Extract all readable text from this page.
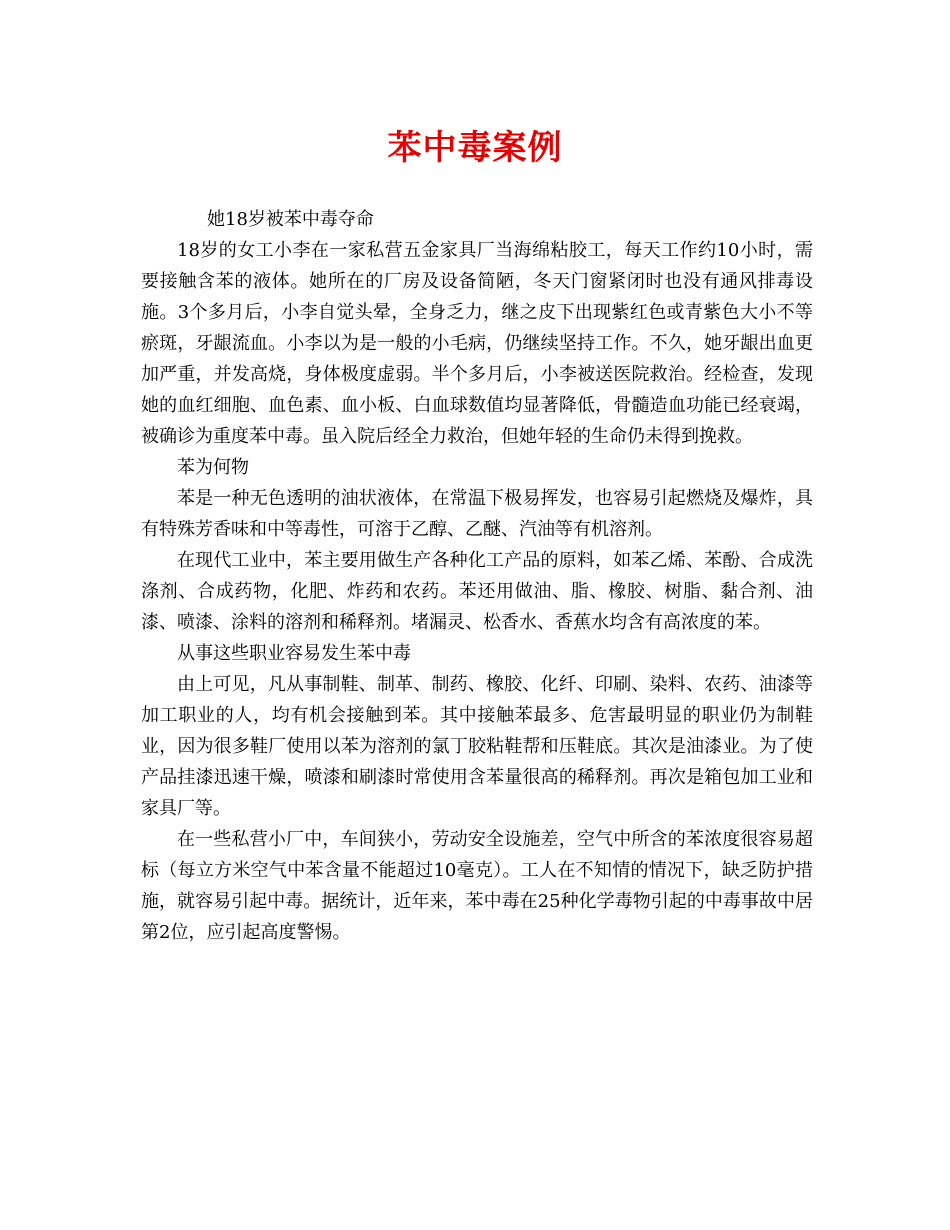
苯中毒案例

她18岁被苯中毒夺命

18岁的女工小李在一家私营五金家具厂当海绵粘胶工，每天工作约10小时，需要接触含苯的液体。她所在的厂房及设备简陋，冬天门窗紧闭时也没有通风排毒设施。3个多月后，小李自觉头晕，全身乏力，继之皮下出现紫红色或青紫色大小不等瘀斑，牙龈流血。小李以为是一般的小毛病，仍继续坚持工作。不久，她牙龈出血更加严重，并发高烧，身体极度虚弱。半个多月后，小李被送医院救治。经检查，发现她的血红细胞、血色素、血小板、白血球数值均显著降低，骨髓造血功能已经衰竭，被确诊为重度苯中毒。虽入院后经全力救治，但她年轻的生命仍未得到挽救。

苯为何物

苯是一种无色透明的油状液体，在常温下极易挥发，也容易引起燃烧及爆炸，具有特殊芳香味和中等毒性，可溶于乙醇、乙醚、汽油等有机溶剂。

在现代工业中，苯主要用做生产各种化工产品的原料，如苯乙烯、苯酚、合成洗涤剂、合成药物，化肥、炸药和农药。苯还用做油、脂、橡胶、树脂、黏合剂、油漆、喷漆、涂料的溶剂和稀释剂。堵漏灵、松香水、香蕉水均含有高浓度的苯。

从事这些职业容易发生苯中毒

由上可见，凡从事制鞋、制革、制药、橡胶、化纤、印刷、染料、农药、油漆等加工职业的人，均有机会接触到苯。其中接触苯最多、危害最明显的职业仍为制鞋业，因为很多鞋厂使用以苯为溶剂的氯丁胶粘鞋帮和压鞋底。其次是油漆业。为了使产品挂漆迅速干燥，喷漆和刷漆时常使用含苯量很高的稀释剂。再次是箱包加工业和家具厂等。

在一些私营小厂中，车间狭小，劳动安全设施差，空气中所含的苯浓度很容易超标（每立方米空气中苯含量不能超过10毫克）。工人在不知情的情况下，缺乏防护措施，就容易引起中毒。据统计，近年来，苯中毒在25种化学毒物引起的中毒事故中居第2位，应引起高度警惕。
